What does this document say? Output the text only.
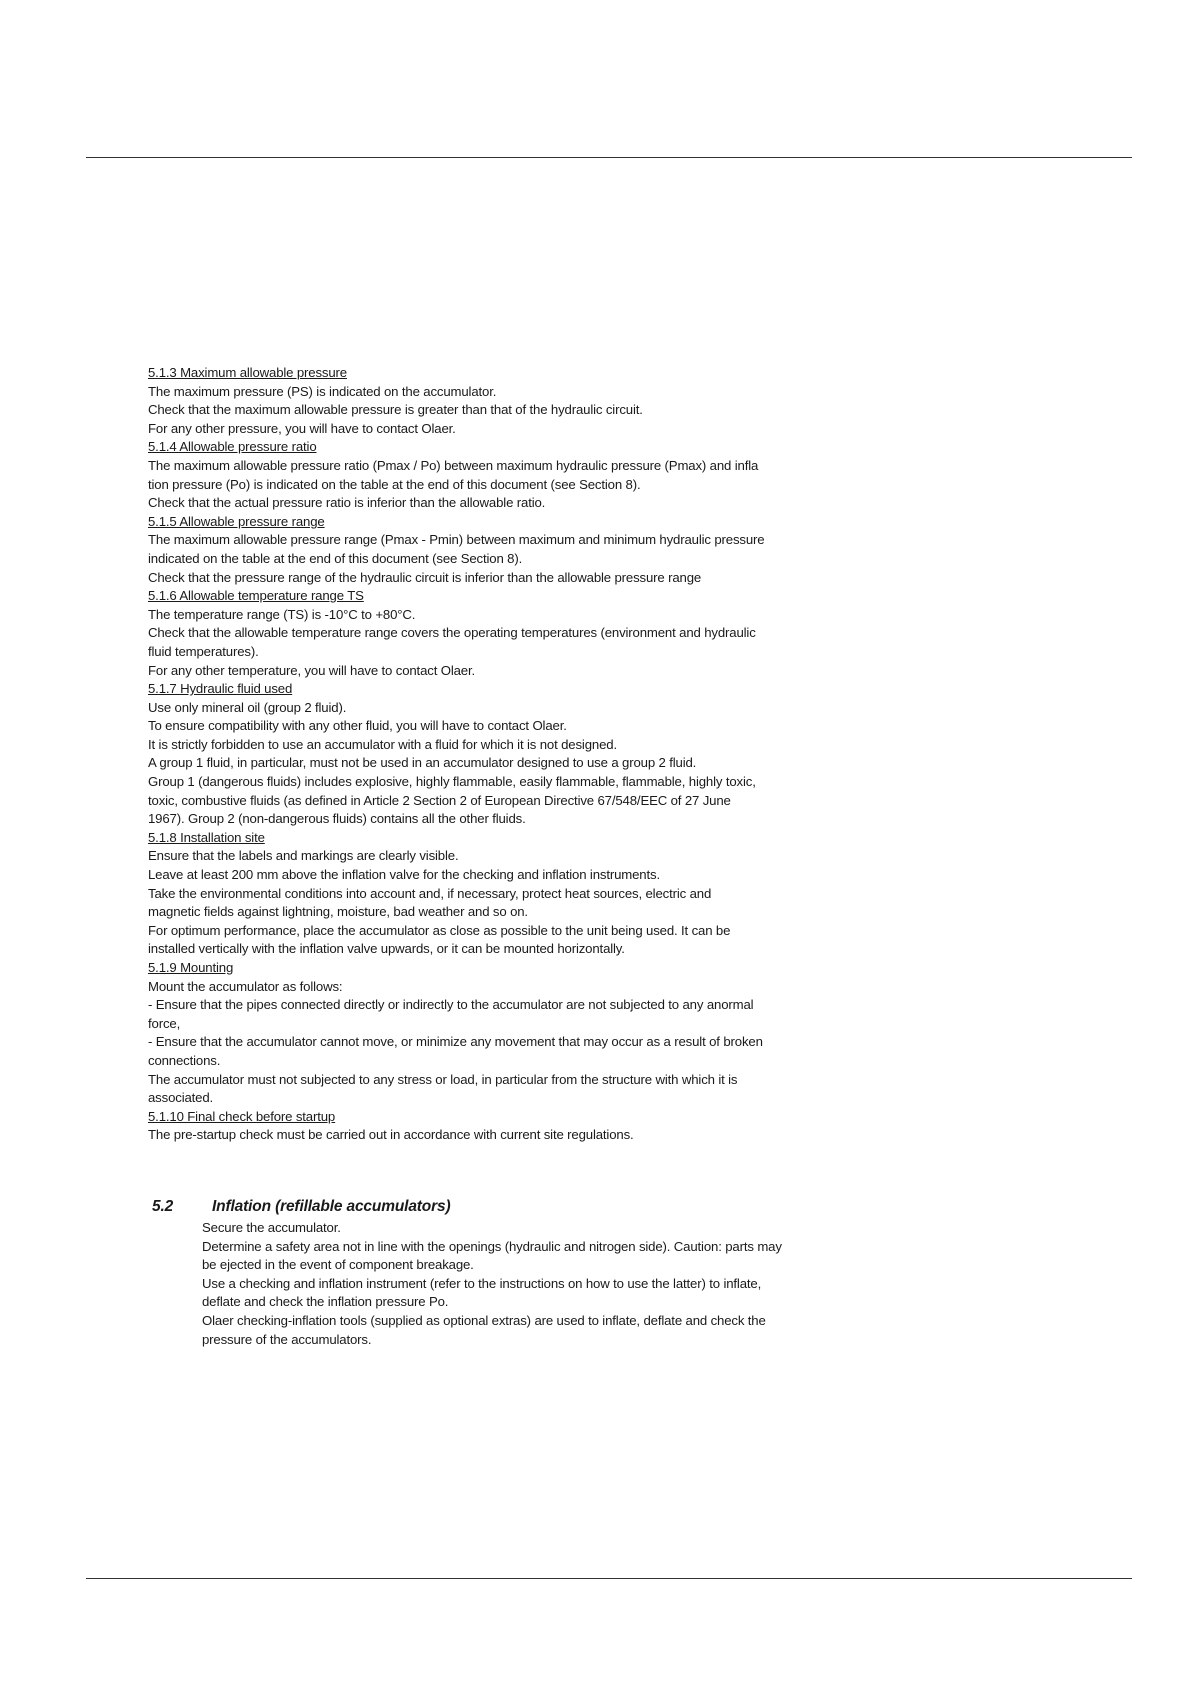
5.1.3 Maximum allowable pressure
The maximum pressure (PS) is indicated on the accumulator.
Check that the maximum allowable pressure is greater than that of the hydraulic circuit.
For any other pressure, you will have to contact Olaer.
5.1.4 Allowable pressure ratio
The maximum allowable pressure ratio (Pmax / Po) between maximum hydraulic pressure (Pmax) and infla
tion pressure (Po) is indicated on the table at the end of this document (see Section 8).
Check that the actual pressure ratio is inferior than the allowable ratio.
5.1.5 Allowable pressure range
The maximum allowable pressure range (Pmax - Pmin) between maximum and minimum hydraulic pressure
indicated on the table at the end of this document (see Section 8).
Check that the pressure range of the hydraulic circuit is inferior than the allowable pressure range
5.1.6 Allowable temperature range TS
The temperature range (TS) is -10°C to +80°C.
Check that the allowable temperature range covers the operating temperatures (environment and hydraulic
fluid temperatures).
For any other temperature, you will have to contact Olaer.
5.1.7 Hydraulic fluid used
Use only mineral oil (group 2 fluid).
To ensure compatibility with any other fluid, you will have to contact Olaer.
It is strictly forbidden to use an accumulator with a fluid for which it is not designed.
A group 1 fluid, in particular, must not be used in an accumulator designed to use a group 2 fluid.
Group 1 (dangerous fluids) includes explosive, highly flammable, easily flammable, flammable, highly toxic,
toxic, combustive fluids (as defined in Article 2 Section 2 of European Directive 67/548/EEC of 27 June
1967). Group 2 (non-dangerous fluids) contains all the other fluids.
5.1.8 Installation site
Ensure that the labels and markings are clearly visible.
Leave at least 200 mm above the inflation valve for the checking and inflation instruments.
Take the environmental conditions into account and, if necessary, protect heat sources, electric and
magnetic fields against lightning, moisture, bad weather and so on.
For optimum performance, place the accumulator as close as possible to the unit being used. It can be
installed vertically with the inflation valve upwards, or it can be mounted horizontally.
5.1.9 Mounting
Mount the accumulator as follows:
- Ensure that the pipes connected directly or indirectly to the accumulator are not subjected to any anormal
force,
- Ensure that the accumulator cannot move, or minimize any movement that may occur as a result of broken
connections.
The accumulator must not subjected to any stress or load, in particular from the structure with which it is
associated.
5.1.10 Final check before startup
The pre-startup check must be carried out in accordance with current site regulations.
5.2	Inflation (refillable accumulators)
Secure the accumulator.
Determine a safety area not in line with the openings (hydraulic and nitrogen side). Caution: parts may
be ejected in the event of component breakage.
Use a checking and inflation instrument (refer to the instructions on how to use the latter) to inflate,
deflate and check the inflation pressure Po.
Olaer checking-inflation tools (supplied as optional extras) are used to inflate, deflate and check the
pressure of the accumulators.
